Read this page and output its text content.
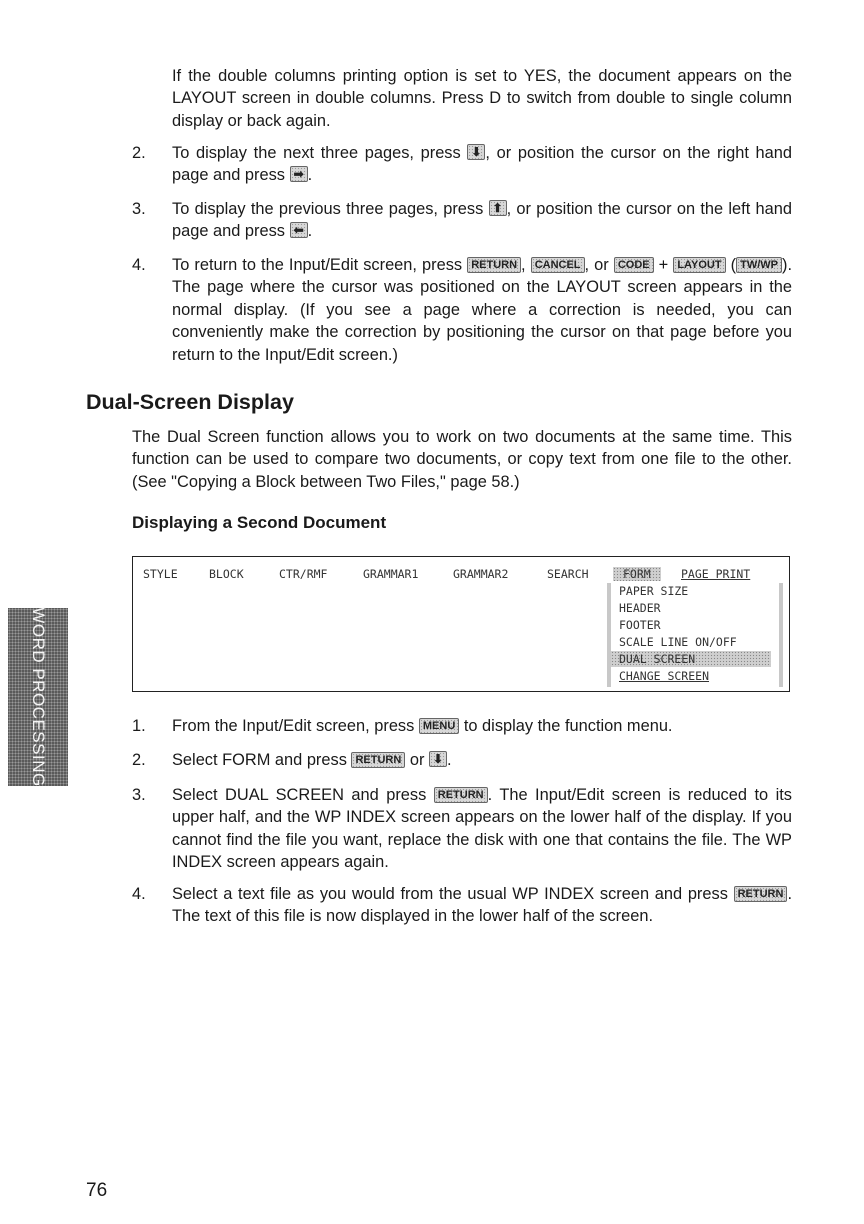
If the double columns printing option is set to YES, the document appears on the LAYOUT screen in double columns. Press D to switch from double to single column display or back again.
2. To display the next three pages, press ⬇ , or position the cursor on the right hand page and press ➡ .
3. To display the previous three pages, press ⬆ , or position the cursor on the left hand page and press ⬅ .
4. To return to the Input/Edit screen, press RETURN , CANCEL , or CODE + LAYOUT ( TW/WP ). The page where the cursor was positioned on the LAYOUT screen appears in the normal display. (If you see a page where a correction is needed, you can conveniently make the correction by positioning the cursor on that page before you return to the Input/Edit screen.)
Dual-Screen Display
The Dual Screen function allows you to work on two documents at the same time. This function can be used to compare two documents, or copy text from one file to the other. (See "Copying a Block between Two Files," page 58.)
Displaying a Second Document
STYLE	BLOCK	CTR/RMF	GRAMMAR1	GRAMMAR2	SEARCH	FORM	PAGE PRINT
PAPER SIZE
HEADER
FOOTER
SCALE LINE ON/OFF
DUAL SCREEN
CHANGE SCREEN
1. From the Input/Edit screen, press MENU to display the function menu.
2. Select FORM and press RETURN or ⬇ .
3. Select DUAL SCREEN and press RETURN . The Input/Edit screen is reduced to its upper half, and the WP INDEX screen appears on the lower half of the display. If you cannot find the file you want, replace the disk with one that contains the file. The WP INDEX screen appears again.
4. Select a text file as you would from the usual WP INDEX screen and press RETURN . The text of this file is now displayed in the lower half of the screen.
WORD PROCESSING
76
